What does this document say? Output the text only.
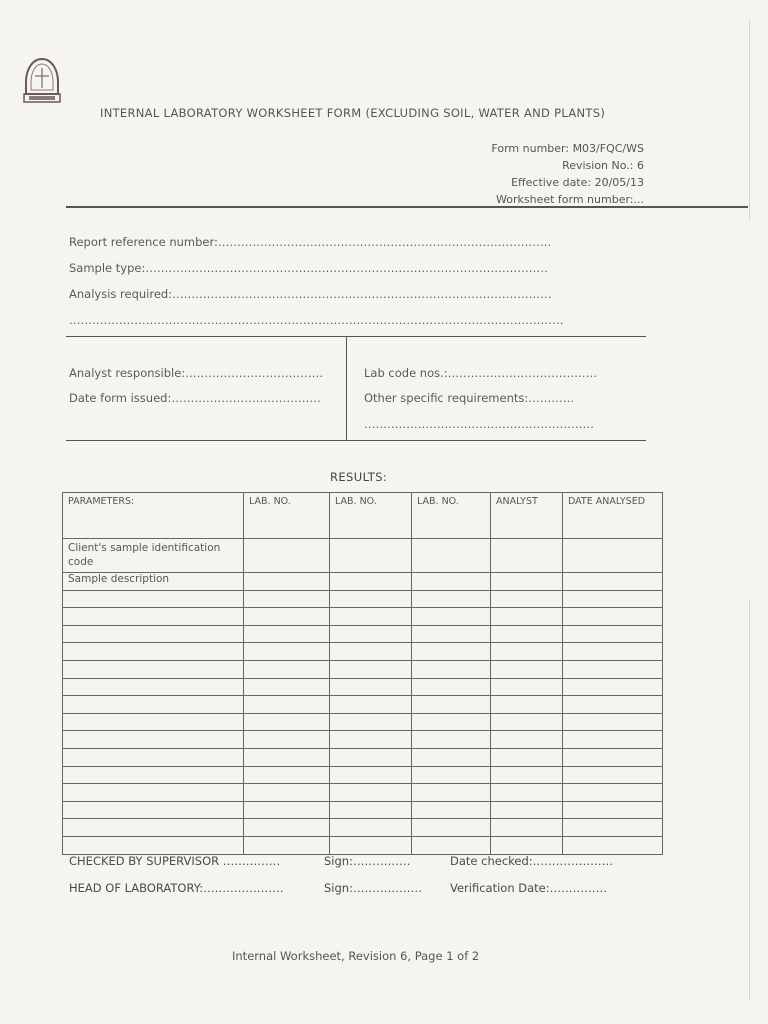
INTERNAL LABORATORY WORKSHEET FORM (EXCLUDING SOIL, WATER AND PLANTS)
Form number: M03/FQC/WS
Revision No.: 6
Effective date: 20/05/13
Worksheet form number:...
Report reference number:……………………………………………………………………………
Sample type:……………………………………………………………………………………………
Analysis required:………………………………………………………………………………………
…………………………………………………………………………………………………………………
Analyst responsible:………………………………
Date form issued:…………………………………
Lab code nos.:…………………………………
Other specific requirements:…………
……………………………………………………
RESULTS:
PARAMETERS:	LAB. NO.	LAB. NO.	LAB. NO.	ANALYST	DATE ANALYSED
Client's sample identification code					
Sample description					

CHECKED BY SUPERVISOR ……………	Sign:……………	Date checked:…………………
HEAD OF LABORATORY:…………………	Sign:……………… Verification Date:……………
Internal Worksheet, Revision 6, Page 1 of 2
